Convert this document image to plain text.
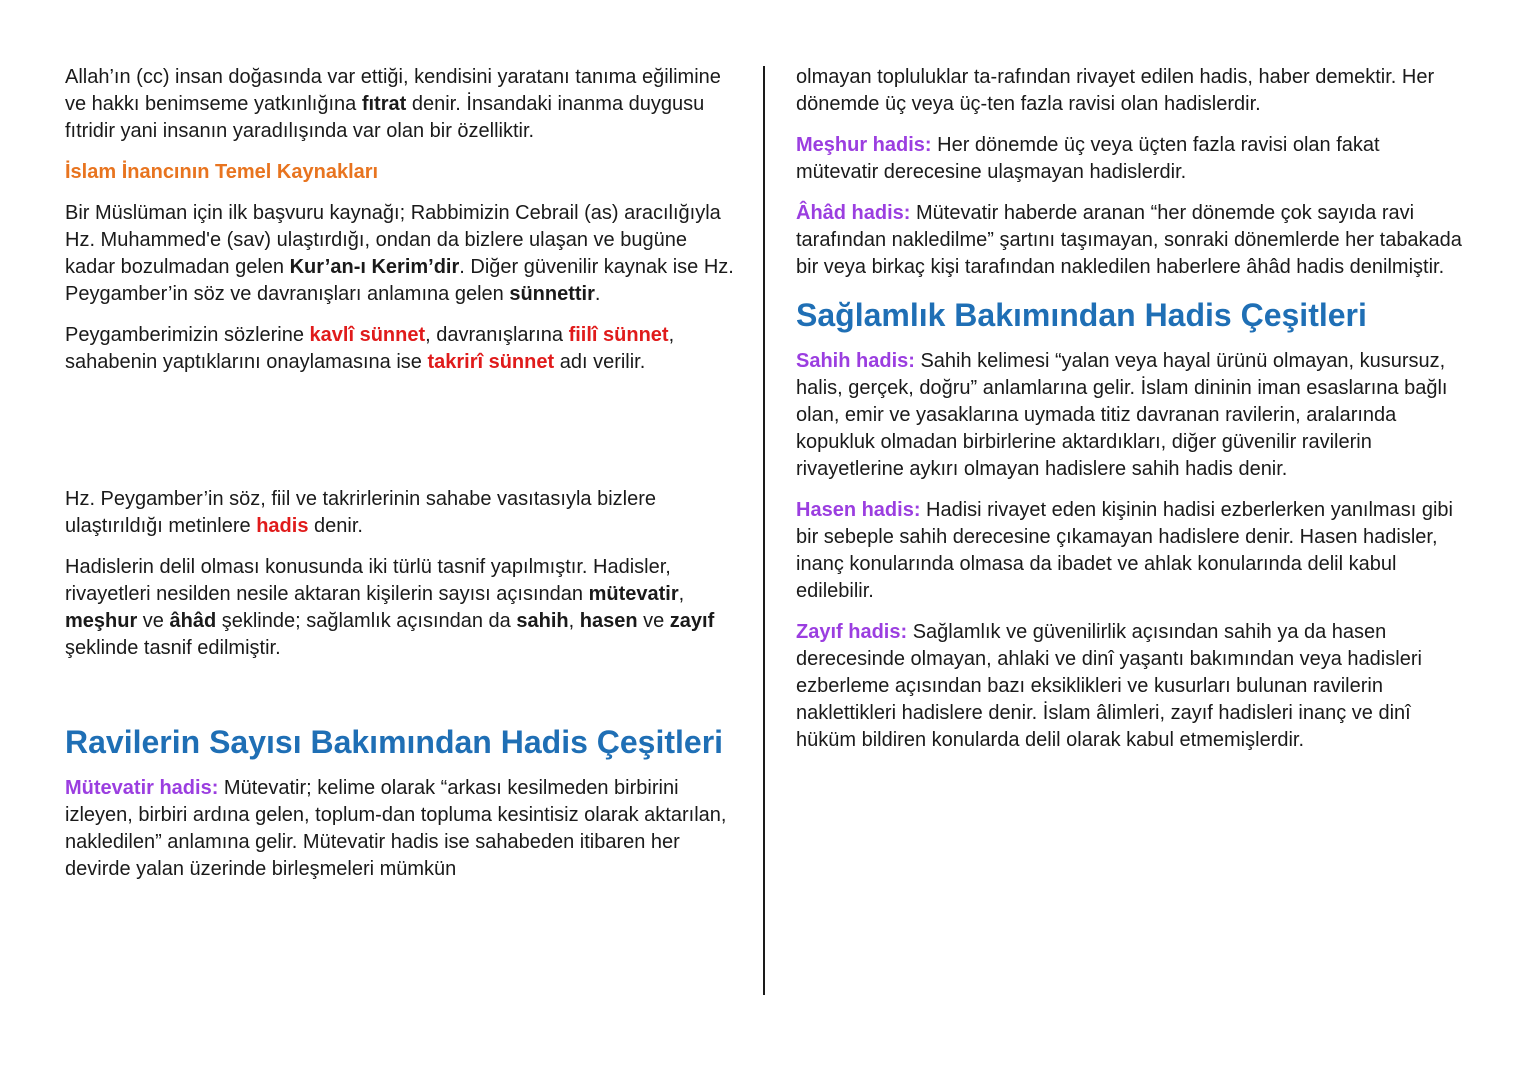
Allah’ın (cc) insan doğasında var ettiği, kendisini yaratanı tanıma eğilimine ve hakkı benimseme yatkınlığına fıtrat denir. İnsandaki inanma duygusu fıtridir yani insanın yaradılışında var olan bir özelliktir.

İslam İnancının Temel Kaynakları

Bir Müslüman için ilk başvuru kaynağı; Rabbimizin Cebrail (as) aracılığıyla Hz. Muhammed'e (sav) ulaştırdığı, ondan da bizlere ulaşan ve bugüne kadar bozulmadan gelen Kur’an-ı Kerim’dir. Diğer güvenilir kaynak ise Hz. Peygamber’in söz ve davranışları anlamına gelen sünnettir.

Peygamberimizin sözlerine kavlî sünnet, davranışlarına fiilî sünnet, sahabenin yaptıklarını onaylamasına ise takrirî sünnet adı verilir.

Hz. Peygamber’in söz, fiil ve takrirlerinin sahabe vasıtasıyla bizlere ulaştırıldığı metinlere hadis denir.

Hadislerin delil olması konusunda iki türlü tasnif yapılmıştır. Hadisler, rivayetleri nesilden nesile aktaran kişilerin sayısı açısından mütevatir, meşhur ve âhâd şeklinde; sağlamlık açısından da sahih, hasen ve zayıf şeklinde tasnif edilmiştir.

Ravilerin Sayısı Bakımından Hadis Çeşitleri

Mütevatir hadis: Mütevatir; kelime olarak “arkası kesilmeden birbirini izleyen, birbiri ardına gelen, toplum-dan topluma kesintisiz olarak aktarılan, nakledilen” anlamına gelir. Mütevatir hadis ise sahabeden itibaren her devirde yalan üzerinde birleşmeleri mümkün

olmayan topluluklar ta-rafından rivayet edilen hadis, haber demektir. Her dönemde üç veya üç-ten fazla ravisi olan hadislerdir.

Meşhur hadis: Her dönemde üç veya üçten fazla ravisi olan fakat mütevatir derecesine ulaşmayan hadislerdir.

Âhâd hadis: Mütevatir haberde aranan “her dönemde çok sayıda ravi tarafından nakledilme” şartını taşımayan, sonraki dönemlerde her tabakada bir veya birkaç kişi tarafından nakledilen haberlere âhâd hadis denilmiştir.

Sağlamlık Bakımından Hadis Çeşitleri

Sahih hadis: Sahih kelimesi “yalan veya hayal ürünü olmayan, kusursuz, halis, gerçek, doğru” anlamlarına gelir. İslam dininin iman esaslarına bağlı olan, emir ve yasaklarına uymada titiz davranan ravilerin, aralarında kopukluk olmadan birbirlerine aktardıkları, diğer güvenilir ravilerin rivayetlerine aykırı olmayan hadislere sahih hadis denir.

Hasen hadis: Hadisi rivayet eden kişinin hadisi ezberlerken yanılması gibi bir sebeple sahih derecesine çıkamayan hadislere denir. Hasen hadisler, inanç konularında olmasa da ibadet ve ahlak konularında delil kabul edilebilir.

Zayıf hadis: Sağlamlık ve güvenilirlik açısından sahih ya da hasen derecesinde olmayan, ahlaki ve dinî yaşantı bakımından veya hadisleri ezberleme açısından bazı eksiklikleri ve kusurları bulunan ravilerin naklettikleri hadislere denir. İslam âlimleri, zayıf hadisleri inanç ve dinî hüküm bildiren konularda delil olarak kabul etmemişlerdir.
